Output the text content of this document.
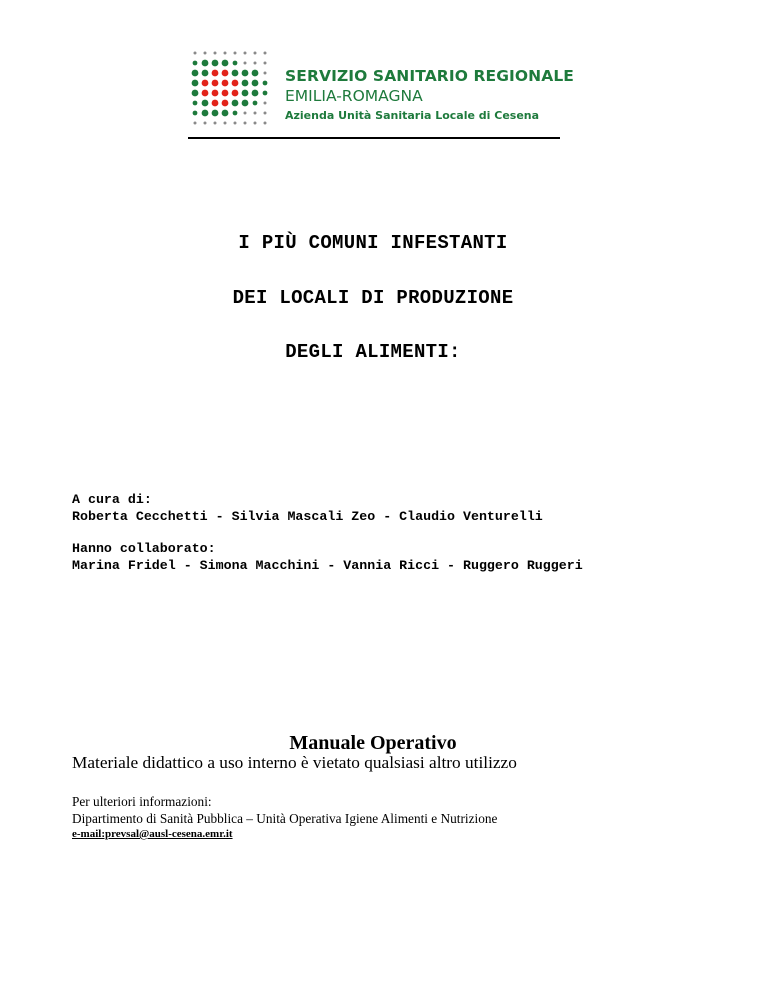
SERVIZIO SANITARIO REGIONALE
EMILIA-ROMAGNA
Azienda Unità Sanitaria Locale di Cesena
I PIÙ COMUNI INFESTANTI
DEI LOCALI DI PRODUZIONE
DEGLI ALIMENTI:
A cura di:
Roberta Cecchetti - Silvia Mascali Zeo - Claudio Venturelli
Hanno collaborato:
Marina Fridel - Simona Macchini - Vannia Ricci - Ruggero Ruggeri
Manuale Operativo
Materiale didattico a uso interno è vietato qualsiasi altro utilizzo
Per ulteriori informazioni:
Dipartimento di Sanità Pubblica – Unità Operativa Igiene Alimenti e Nutrizione
e-mail:prevsal@ausl-cesena.emr.it
